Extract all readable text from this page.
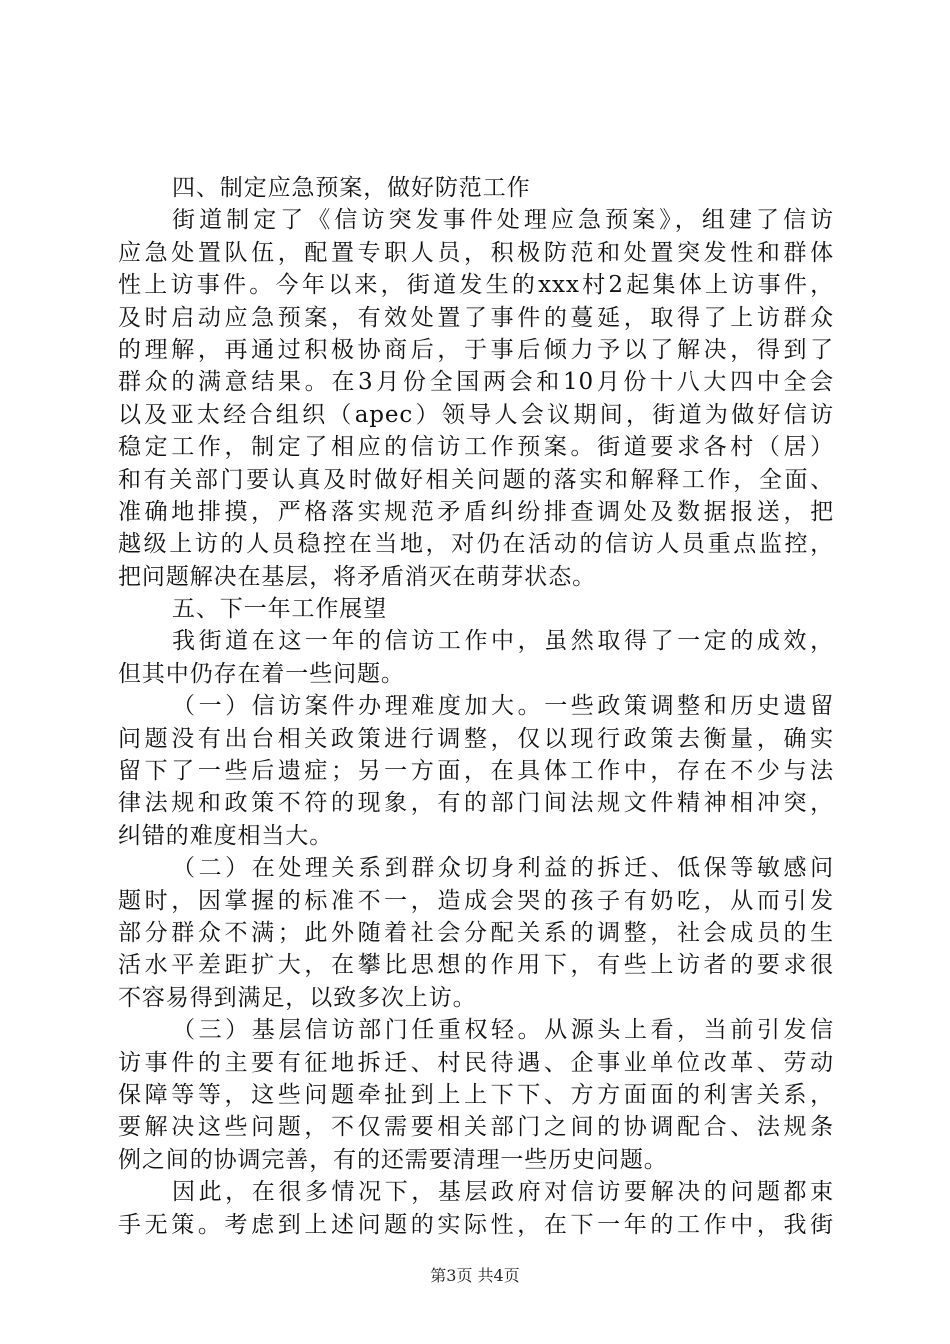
四、制定应急预案，做好防范工作
街道制定了《信访突发事件处理应急预案》，组建了信访
应急处置队伍，配置专职人员，积极防范和处置突发性和群体
性上访事件。今年以来，街道发生的xxx村2起集体上访事件，
及时启动应急预案，有效处置了事件的蔓延，取得了上访群众
的理解，再通过积极协商后，于事后倾力予以了解决，得到了
群众的满意结果。在3月份全国两会和10月份十八大四中全会
以及亚太经合组织（apec）领导人会议期间，街道为做好信访
稳定工作，制定了相应的信访工作预案。街道要求各村（居）
和有关部门要认真及时做好相关问题的落实和解释工作，全面、
准确地排摸，严格落实规范矛盾纠纷排查调处及数据报送，把
越级上访的人员稳控在当地，对仍在活动的信访人员重点监控，
把问题解决在基层，将矛盾消灭在萌芽状态。
五、下一年工作展望
我街道在这一年的信访工作中，虽然取得了一定的成效，
但其中仍存在着一些问题。
（一）信访案件办理难度加大。一些政策调整和历史遗留
问题没有出台相关政策进行调整，仅以现行政策去衡量，确实
留下了一些后遗症；另一方面，在具体工作中，存在不少与法
律法规和政策不符的现象，有的部门间法规文件精神相冲突，
纠错的难度相当大。
（二）在处理关系到群众切身利益的拆迁、低保等敏感问
题时，因掌握的标准不一，造成会哭的孩子有奶吃，从而引发
部分群众不满；此外随着社会分配关系的调整，社会成员的生
活水平差距扩大，在攀比思想的作用下，有些上访者的要求很
不容易得到满足，以致多次上访。
（三）基层信访部门任重权轻。从源头上看，当前引发信
访事件的主要有征地拆迁、村民待遇、企事业单位改革、劳动
保障等等，这些问题牵扯到上上下下、方方面面的利害关系，
要解决这些问题，不仅需要相关部门之间的协调配合、法规条
例之间的协调完善，有的还需要清理一些历史问题。
因此，在很多情况下，基层政府对信访要解决的问题都束
手无策。考虑到上述问题的实际性，在下一年的工作中，我街
第3页 共4页
